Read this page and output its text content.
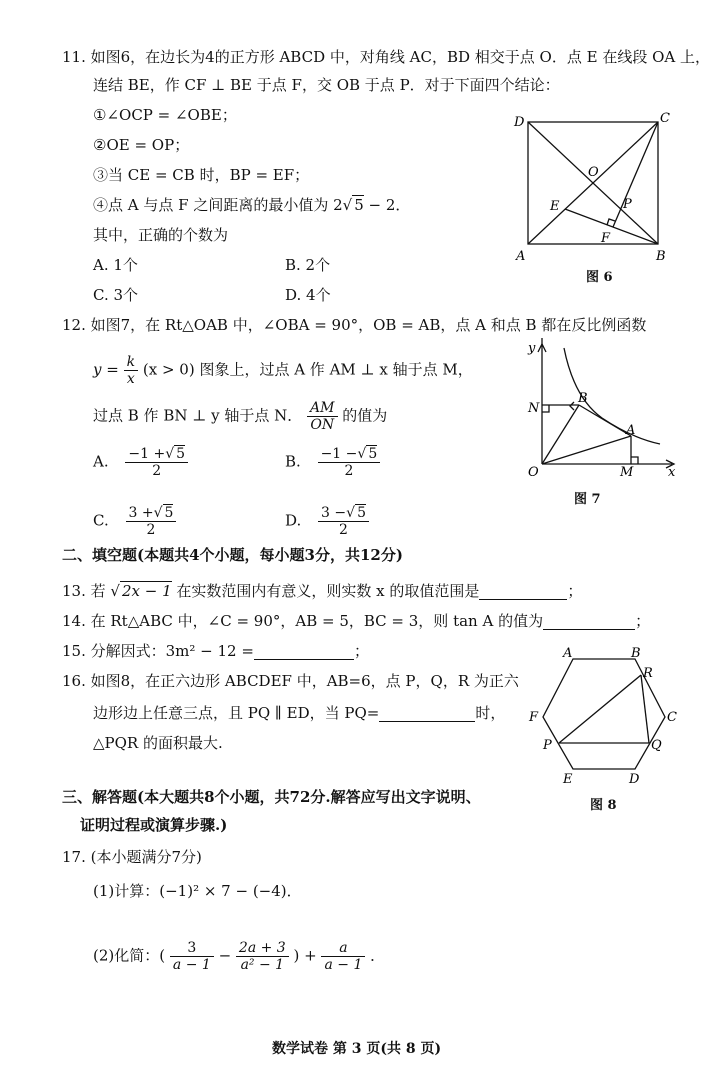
11. 如图6，在边长为4的正方形 ABCD 中，对角线 AC，BD 相交于点 O．点 E 在线段 OA 上，
连结 BE，作 CF ⊥ BE 于点 F，交 OB 于点 P．对于下面四个结论：
①∠OCP = ∠OBE；
②OE = OP；
③当 CE = CB 时，BP = EF；
④点 A 与点 F 之间距离的最小值为 2√ 5 − 2．
其中，正确的个数为
A. 1个	B. 2个
C. 3个	D. 4个
D	C
O
E	P
F
A	B
图 6
12. 如图7，在 Rt△OAB 中，∠OBA = 90°，OB = AB，点 A 和点 B 都在反比例函数
$y = \frac{k}{x} (x > 0)$ 图象上，过点 A 作 AM ⊥ x 轴于点 M，
过点 B 作 BN ⊥ y 轴于点 N． $\frac{AM}{ON}$ 的值为
A. $\frac{-1 +√ 5}{2}$	B. $\frac{-1 -√ 5}{2}$
C. $\frac{3 +√ 5}{2}$	D. $\frac{3 -√ 5}{2}$
y
x
N
B
A
O	M
图 7
二、填空题(本题共4个小题，每小题3分，共12分)
13. 若 √ 2x − 1 在实数范围内有意义，则实数 x 的取值范围是	；
14. 在 Rt△ABC 中，∠C = 90°，AB = 5，BC = 3，则 tan A 的值为	；
15. 分解因式：3m² − 12 =	；
16. 如图8，在正六边形 ABCDEF 中，AB=6，点 P，Q，R 为正六
边形边上任意三点，且 PQ ∥ ED，当 PQ=	时，
△PQR 的面积最大.
A	B
R
C
F
P	Q
E	D
图 8
三、解答题(本大题共8个小题，共72分.解答应写出文字说明、
证明过程或演算步骤.)
17. (本小题满分7分)
(1)计算：(−1)² × 7 − (−4)．
(2)化简：( $\frac{3}{a - 1} - \frac{2a + 3}{\text{a² − 1}}$ ) + $\frac{a}{a - 1}$ ．
数学试卷 第 3 页(共 8 页)
